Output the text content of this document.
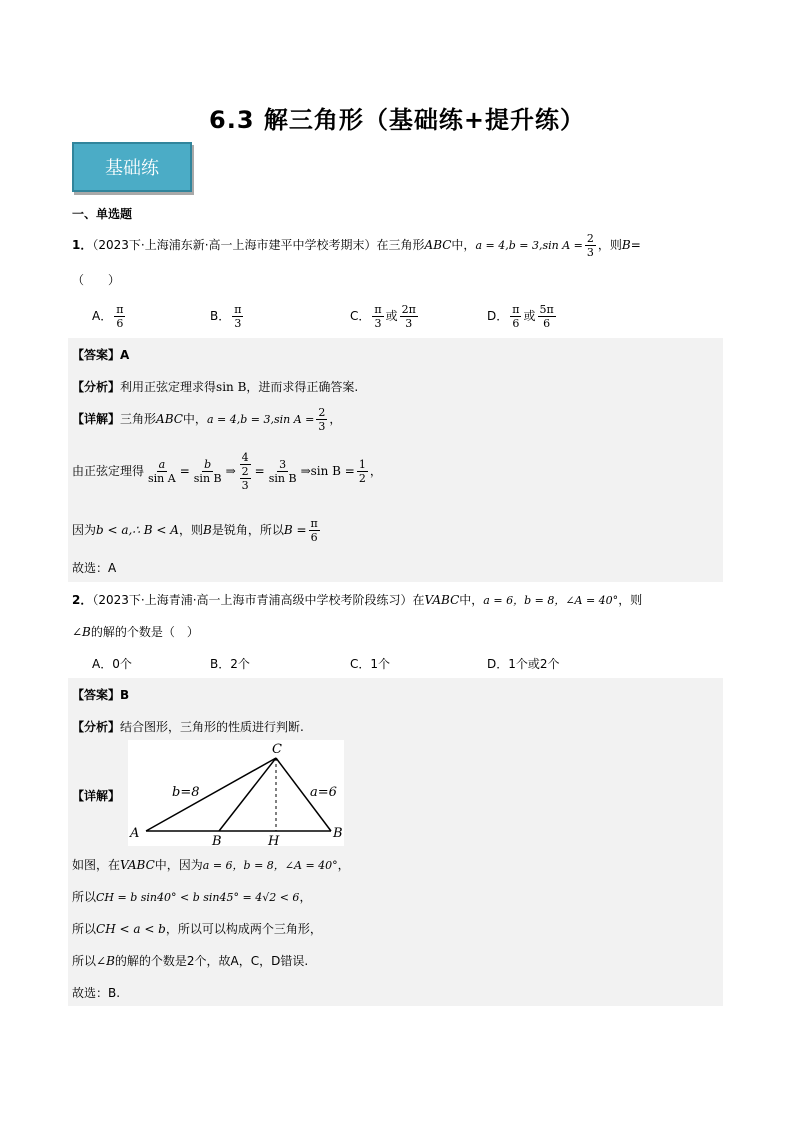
6.3 解三角形（基础练+提升练）
基础练
一、单选题
1．（2023下·上海浦东新·高一上海市建平中学校考期末）在三角形ABC中，a = 4,b = 3,sin $A = \frac{2}{3}$ ，则B=
（　　）
A． $\frac{\pi}{6}$	B． $\frac{\pi}{3}$	C． $\frac{\pi}{3}$ 或 $\frac{2\pi}{3}$	D． $\frac{\pi}{6}$ 或 $\frac{5\pi}{6}$
【答案】A
【分析】利用正弦定理求得sin B，进而求得正确答案.
【详解】三角形ABC中，a = 4,b = 3,sin $A = \frac{2}{3}$ ，
由正弦定理得 $\frac{a}{\text{sin A}} = \frac{b}{\text{sin B}}$ ⇒ $\frac{4}{\frac{2}{3}} = \frac{3}{\text{sin B}}$ ⇒sin $B = \frac{1}{2}$ ，
因为b < a,∴ B < A，则B是锐角，所以$B = \frac{\pi}{6}$
故选：A
2．（2023下·上海青浦·高一上海市青浦高级中学校考阶段练习）在VABC中，a = 6，b = 8，∠A = 40°，则
∠B的解的个数是（　）
A．0个	B．2个	C．1个	D．1个或2个
【答案】B
【分析】结合图形，三角形的性质进行判断.
【详解】
C
b=8	a=6
A
B	H
B
如图，在VABC中，因为a = 6，b = 8，∠A = 40°，
所以CH = b sin40° < b sin45° = 4√2 < 6，
所以CH < a < b，所以可以构成两个三角形，
所以∠B的解的个数是2个，故A，C，D错误.
故选：B.
